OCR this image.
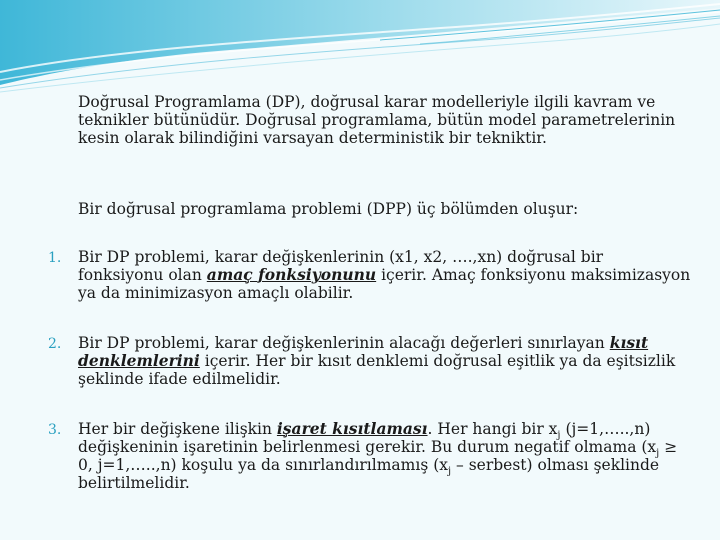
Doğrusal Programlama (DP), doğrusal karar modelleriyle ilgili kavram ve teknikler bütünüdür. Doğrusal programlama, bütün model parametrelerinin kesin olarak bilindiğini varsayan deterministik bir tekniktir.

Bir doğrusal programlama problemi (DPP) üç bölümden oluşur:

1. Bir DP problemi, karar değişkenlerinin (x1, x2, ….,xn) doğrusal bir fonksiyonu olan amaç fonksiyonunu içerir. Amaç fonksiyonu maksimizasyon ya da minimizasyon amaçlı olabilir.

2. Bir DP problemi, karar değişkenlerinin alacağı değerleri sınırlayan kısıt denklemlerini içerir. Her bir kısıt denklemi doğrusal eşitlik ya da eşitsizlik şeklinde ifade edilmelidir.

3. Her bir değişkene ilişkin işaret kısıtlaması. Her hangi bir $x_j$ (j=1,…..,n) değişkeninin işaretinin belirlenmesi gerekir. Bu durum negatif olmama ($x_j \ge 0$, j=1,…..,n) koşulu ya da sınırlandırılmamış ($x_j$ – serbest) olması şeklinde belirtilmelidir.
